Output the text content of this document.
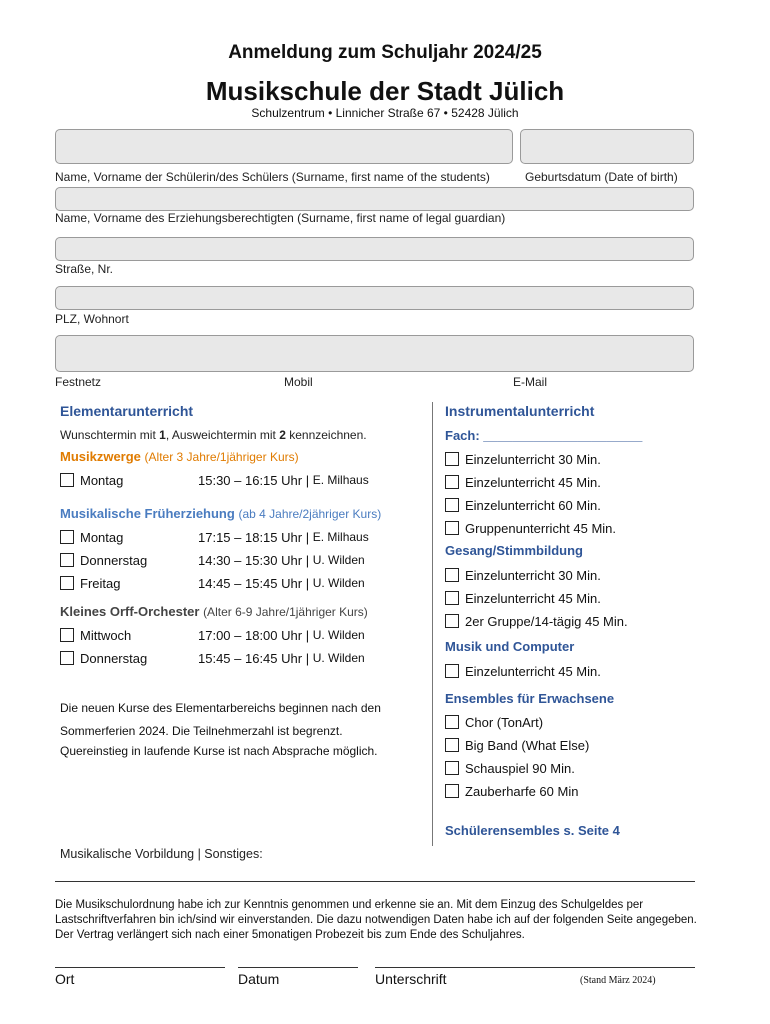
Anmeldung zum Schuljahr 2024/25
Musikschule der Stadt Jülich
Schulzentrum • Linnicher Straße 67 • 52428 Jülich
Name, Vorname der Schülerin/des Schülers (Surname, first name of the students)	Geburtsdatum (Date of birth)
Name, Vorname des Erziehungsberechtigten (Surname, first name of legal guardian)
Straße, Nr.
PLZ, Wohnort
Festnetz	Mobil	E-Mail
Elementarunterricht
Wunschtermin mit 1, Ausweichtermin mit 2 kennzeichnen.
Musikzwerge (Alter 3 Jahre/1jähriger Kurs)
Montag	15:30 – 16:15 Uhr | E. Milhaus
Musikalische Früherziehung (ab 4 Jahre/2jähriger Kurs)
Montag	17:15 – 18:15 Uhr | E. Milhaus
Donnerstag	14:30 – 15:30 Uhr | U. Wilden
Freitag	14:45 – 15:45 Uhr | U. Wilden
Kleines Orff-Orchester (Alter 6-9 Jahre/1jähriger Kurs)
Mittwoch	17:00 – 18:00 Uhr | U. Wilden
Donnerstag	15:45 – 16:45 Uhr | U. Wilden
Die neuen Kurse des Elementarbereichs beginnen nach den
Sommerferien 2024. Die Teilnehmerzahl ist begrenzt.
Quereinstieg in laufende Kurse ist nach Absprache möglich.
Instrumentalunterricht
Fach: ______________________
Einzelunterricht 30 Min.
Einzelunterricht 45 Min.
Einzelunterricht 60 Min.
Gruppenunterricht 45 Min.
Gesang/Stimmbildung
Einzelunterricht 30 Min.
Einzelunterricht 45 Min.
2er Gruppe/14-tägig 45 Min.
Musik und Computer
Einzelunterricht 45 Min.
Ensembles für Erwachsene
Chor (TonArt)
Big Band (What Else)
Schauspiel 90 Min.
Zauberharfe 60 Min
Schülerensembles s. Seite 4
Musikalische Vorbildung | Sonstiges:
Die Musikschulordnung habe ich zur Kenntnis genommen und erkenne sie an. Mit dem Einzug des Schulgeldes per Lastschriftverfahren bin ich/sind wir einverstanden. Die dazu notwendigen Daten habe ich auf der folgenden Seite angegeben. Der Vertrag verlängert sich nach einer 5monatigen Probezeit bis zum Ende des Schuljahres.
Ort	Datum	Unterschrift	(Stand März 2024)
